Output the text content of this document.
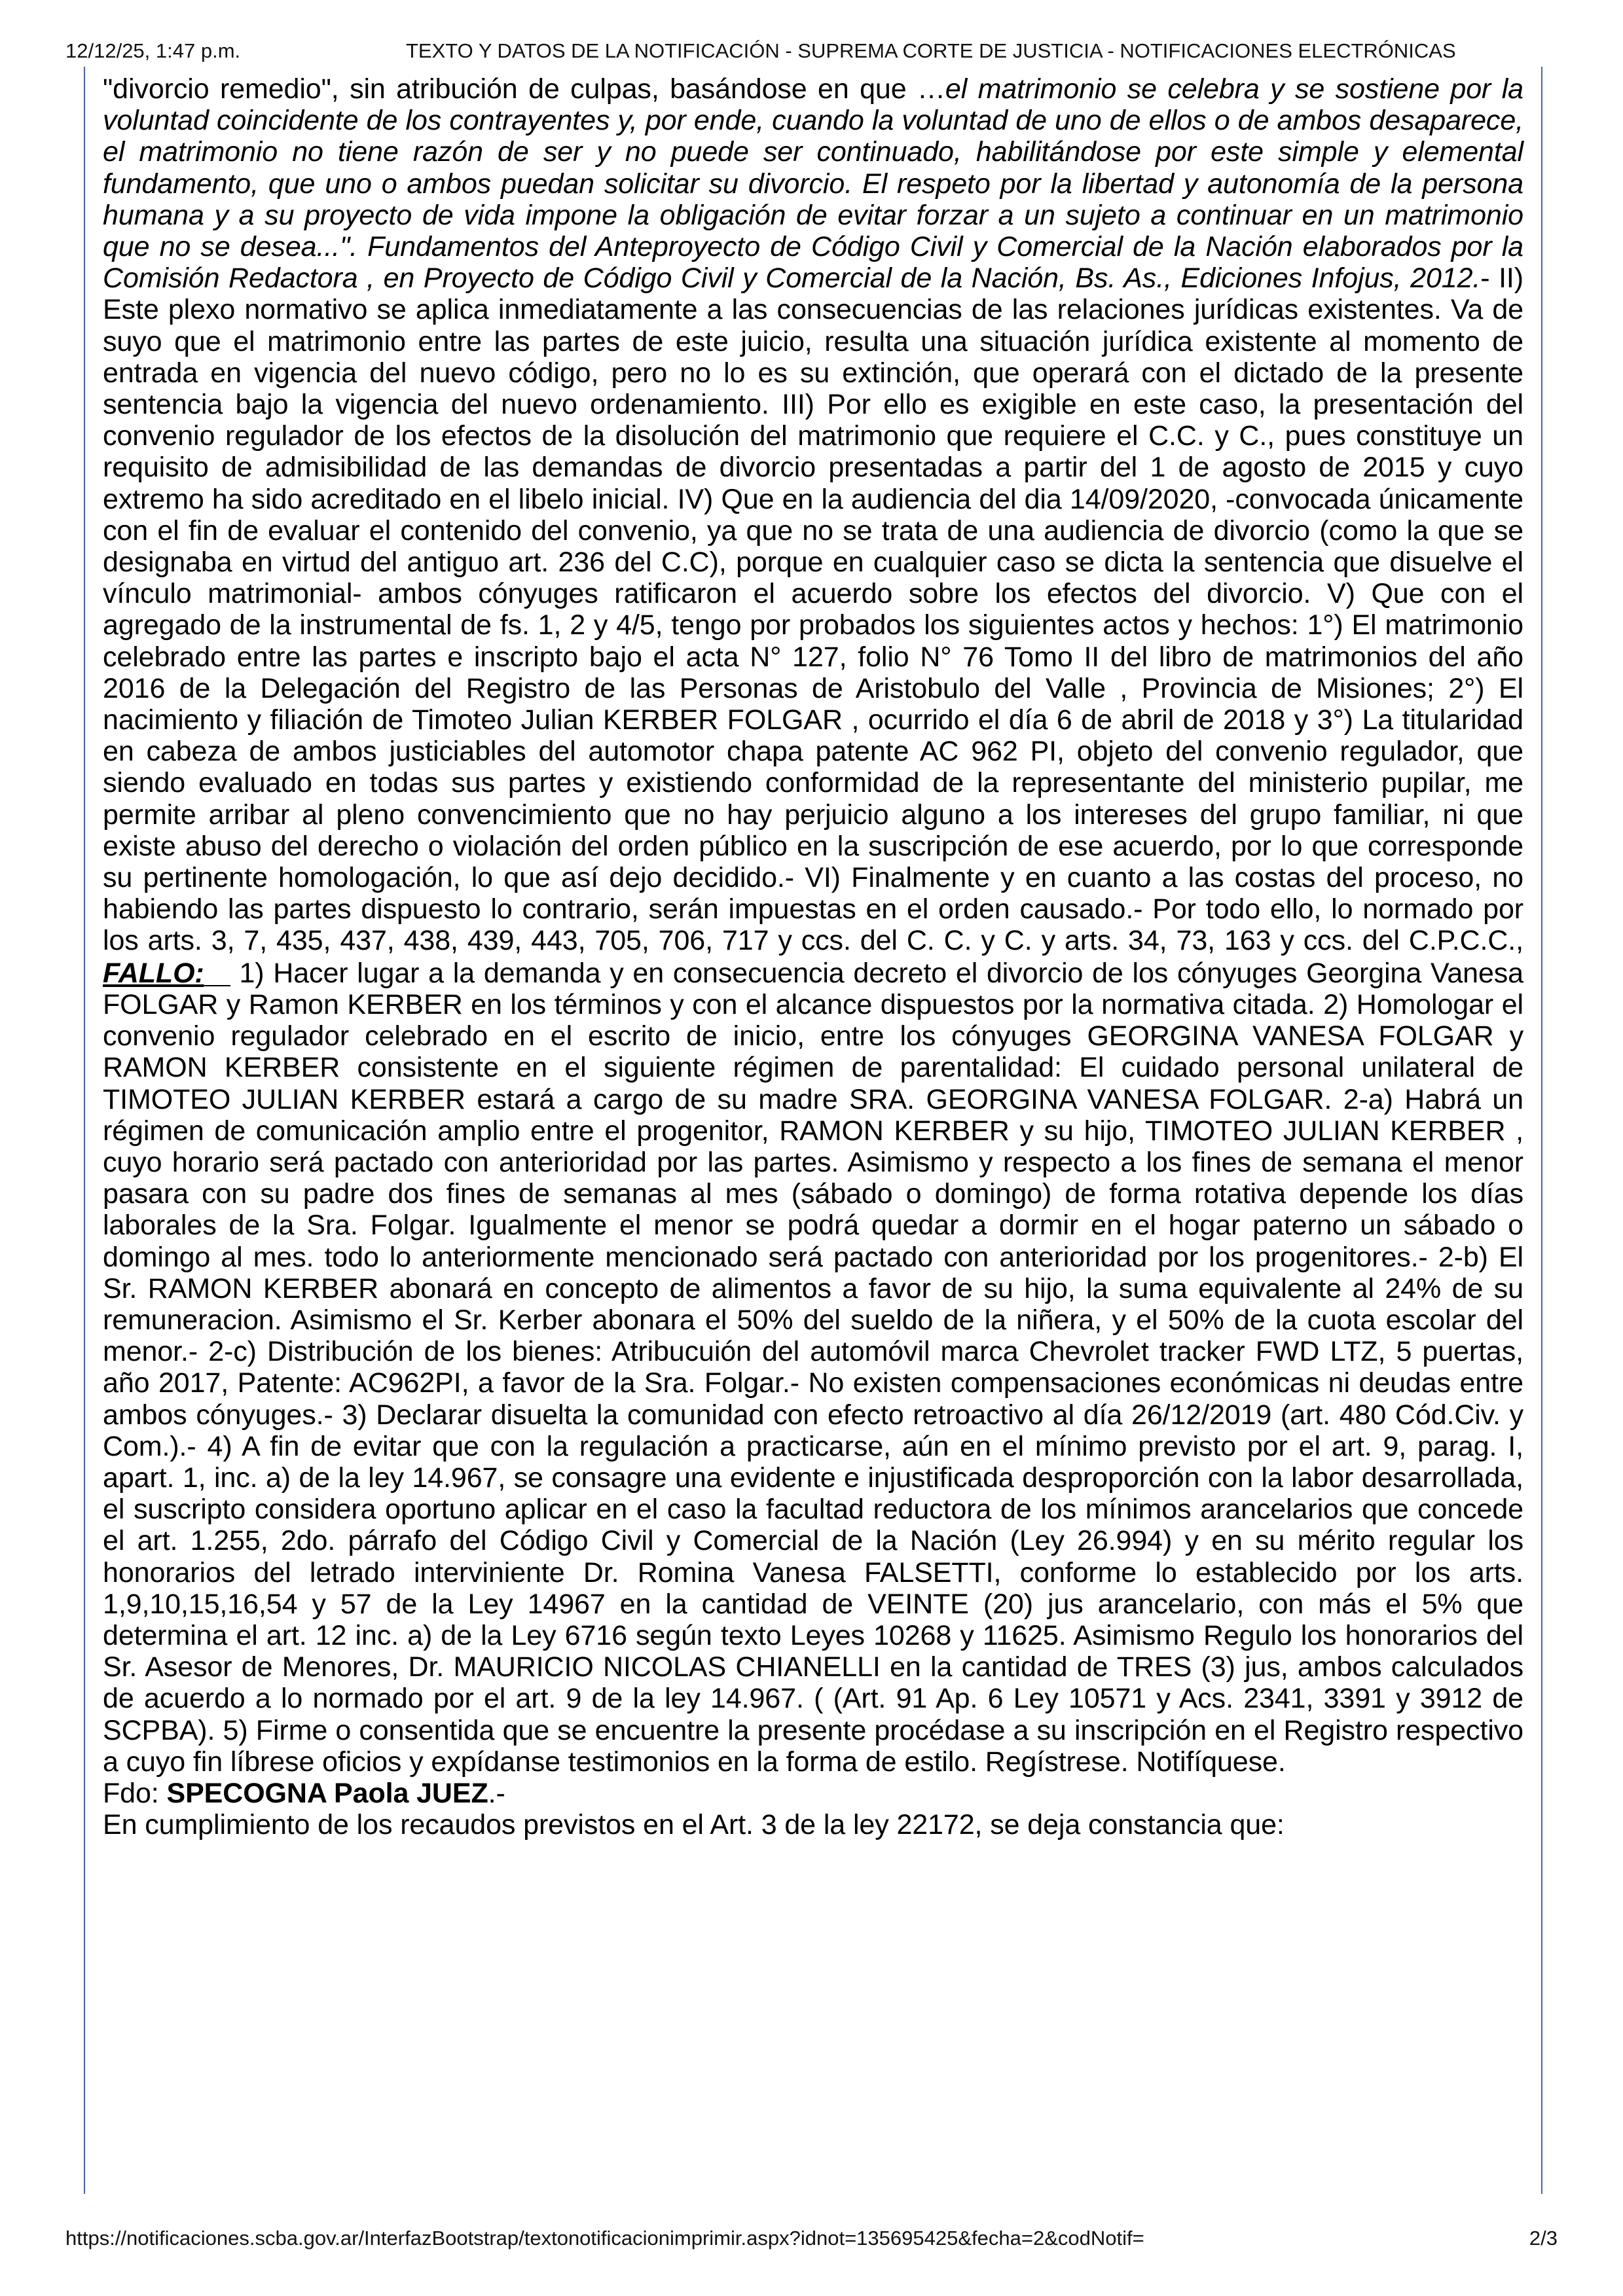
12/12/25, 1:47 p.m.	TEXTO Y DATOS DE LA NOTIFICACIÓN - SUPREMA CORTE DE JUSTICIA - NOTIFICACIONES ELECTRÓNICAS

"divorcio remedio", sin atribución de culpas, basándose en que …el matrimonio se celebra y se sostiene por la voluntad coincidente de los contrayentes y, por ende, cuando la voluntad de uno de ellos o de ambos desaparece, el matrimonio no tiene razón de ser y no puede ser continuado, habilitándose por este simple y elemental fundamento, que uno o ambos puedan solicitar su divorcio. El respeto por la libertad y autonomía de la persona humana y a su proyecto de vida impone la obligación de evitar forzar a un sujeto a continuar en un matrimonio que no se desea...". Fundamentos del Anteproyecto de Código Civil y Comercial de la Nación elaborados por la Comisión Redactora , en Proyecto de Código Civil y Comercial de la Nación, Bs. As., Ediciones Infojus, 2012.- II) Este plexo normativo se aplica inmediatamente a las consecuencias de las relaciones jurídicas existentes. Va de suyo que el matrimonio entre las partes de este juicio, resulta una situación jurídica existente al momento de entrada en vigencia del nuevo código, pero no lo es su extinción, que operará con el dictado de la presente sentencia bajo la vigencia del nuevo ordenamiento. III) Por ello es exigible en este caso, la presentación del convenio regulador de los efectos de la disolución del matrimonio que requiere el C.C. y C., pues constituye un requisito de admisibilidad de las demandas de divorcio presentadas a partir del 1 de agosto de 2015 y cuyo extremo ha sido acreditado en el libelo inicial. IV) Que en la audiencia del dia 14/09/2020, -convocada únicamente con el fin de evaluar el contenido del convenio, ya que no se trata de una audiencia de divorcio (como la que se designaba en virtud del antiguo art. 236 del C.C), porque en cualquier caso se dicta la sentencia que disuelve el vínculo matrimonial- ambos cónyuges ratificaron el acuerdo sobre los efectos del divorcio. V) Que con el agregado de la instrumental de fs. 1, 2 y 4/5, tengo por probados los siguientes actos y hechos: 1°) El matrimonio celebrado entre las partes e inscripto bajo el acta N° 127, folio N° 76 Tomo II del libro de matrimonios del año 2016 de la Delegación del Registro de las Personas de Aristobulo del Valle , Provincia de Misiones; 2°) El nacimiento y filiación de Timoteo Julian KERBER FOLGAR , ocurrido el día 6 de abril de 2018 y 3°) La titularidad en cabeza de ambos justiciables del automotor chapa patente AC 962 PI, objeto del convenio regulador, que siendo evaluado en todas sus partes y existiendo conformidad de la representante del ministerio pupilar, me permite arribar al pleno convencimiento que no hay perjuicio alguno a los intereses del grupo familiar, ni que existe abuso del derecho o violación del orden público en la suscripción de ese acuerdo, por lo que corresponde su pertinente homologación, lo que así dejo decidido.- VI) Finalmente y en cuanto a las costas del proceso, no habiendo las partes dispuesto lo contrario, serán impuestas en el orden causado.- Por todo ello, lo normado por los arts. 3, 7, 435, 437, 438, 439, 443, 705, 706, 717 y ccs. del C. C. y C. y arts. 34, 73, 163 y ccs. del C.P.C.C., FALLO: 1) Hacer lugar a la demanda y en consecuencia decreto el divorcio de los cónyuges Georgina Vanesa FOLGAR y Ramon KERBER en los términos y con el alcance dispuestos por la normativa citada. 2) Homologar el convenio regulador celebrado en el escrito de inicio, entre los cónyuges GEORGINA VANESA FOLGAR y RAMON KERBER consistente en el siguiente régimen de parentalidad: El cuidado personal unilateral de TIMOTEO JULIAN KERBER estará a cargo de su madre SRA. GEORGINA VANESA FOLGAR. 2-a) Habrá un régimen de comunicación amplio entre el progenitor, RAMON KERBER y su hijo, TIMOTEO JULIAN KERBER , cuyo horario será pactado con anterioridad por las partes. Asimismo y respecto a los fines de semana el menor pasara con su padre dos fines de semanas al mes (sábado o domingo) de forma rotativa depende los días laborales de la Sra. Folgar. Igualmente el menor se podrá quedar a dormir en el hogar paterno un sábado o domingo al mes. todo lo anteriormente mencionado será pactado con anterioridad por los progenitores.- 2-b) El Sr. RAMON KERBER abonará en concepto de alimentos a favor de su hijo, la suma equivalente al 24% de su remuneracion. Asimismo el Sr. Kerber abonara el 50% del sueldo de la niñera, y el 50% de la cuota escolar del menor.- 2-c) Distribución de los bienes: Atribucuión del automóvil marca Chevrolet tracker FWD LTZ, 5 puertas, año 2017, Patente: AC962PI, a favor de la Sra. Folgar.- No existen compensaciones económicas ni deudas entre ambos cónyuges.- 3) Declarar disuelta la comunidad con efecto retroactivo al día 26/12/2019 (art. 480 Cód.Civ. y Com.).- 4) A fin de evitar que con la regulación a practicarse, aún en el mínimo previsto por el art. 9, parag. I, apart. 1, inc. a) de la ley 14.967, se consagre una evidente e injustificada desproporción con la labor desarrollada, el suscripto considera oportuno aplicar en el caso la facultad reductora de los mínimos arancelarios que concede el art. 1.255, 2do. párrafo del Código Civil y Comercial de la Nación (Ley 26.994) y en su mérito regular los honorarios del letrado interviniente Dr. Romina Vanesa FALSETTI, conforme lo establecido por los arts. 1,9,10,15,16,54 y 57 de la Ley 14967 en la cantidad de VEINTE (20) jus arancelario, con más el 5% que determina el art. 12 inc. a) de la Ley 6716 según texto Leyes 10268 y 11625. Asimismo Regulo los honorarios del Sr. Asesor de Menores, Dr. MAURICIO NICOLAS CHIANELLI en la cantidad de TRES (3) jus, ambos calculados de acuerdo a lo normado por el art. 9 de la ley 14.967. ( (Art. 91 Ap. 6 Ley 10571 y Acs. 2341, 3391 y 3912 de SCPBA). 5) Firme o consentida que se encuentre la presente procédase a su inscripción en el Registro respectivo a cuyo fin líbrese oficios y expídanse testimonios en la forma de estilo. Regístrese. Notifíquese.

Fdo: SPECOGNA Paola JUEZ.-

En cumplimiento de los recaudos previstos en el Art. 3 de la ley 22172, se deja constancia que:

https://notificaciones.scba.gov.ar/InterfazBootstrap/textonotificacionimprimir.aspx?idnot=135695425&fecha=2&codNotif=	2/3
